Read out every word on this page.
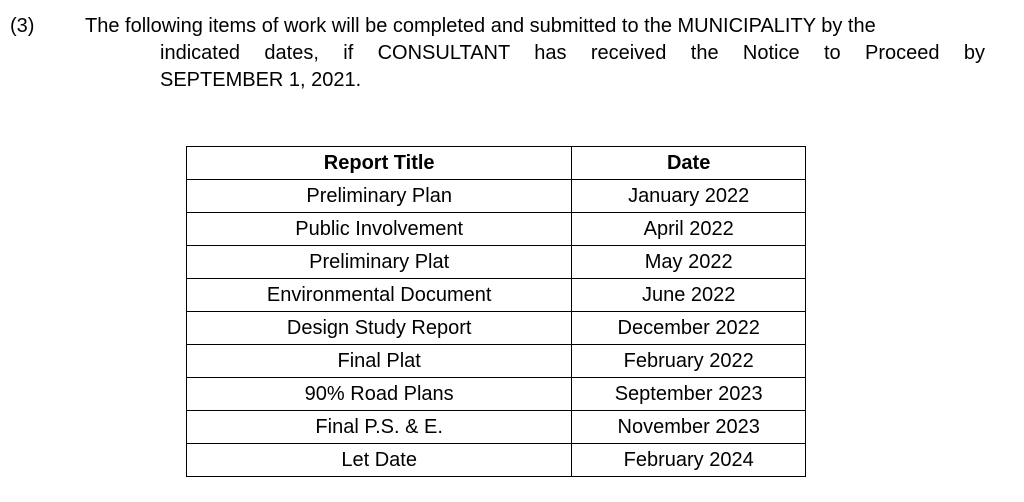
(3)	The following items of work will be completed and submitted to the MUNICIPALITY by the
indicated dates, if CONSULTANT has received the Notice to Proceed by
SEPTEMBER 1, 2021.
Report Title	Date
Preliminary Plan	January 2022
Public Involvement	April 2022
Preliminary Plat	May 2022
Environmental Document	June 2022
Design Study Report	December 2022
Final Plat	February 2022
90% Road Plans	September 2023
Final P.S. & E.	November 2023
Let Date	February 2024
